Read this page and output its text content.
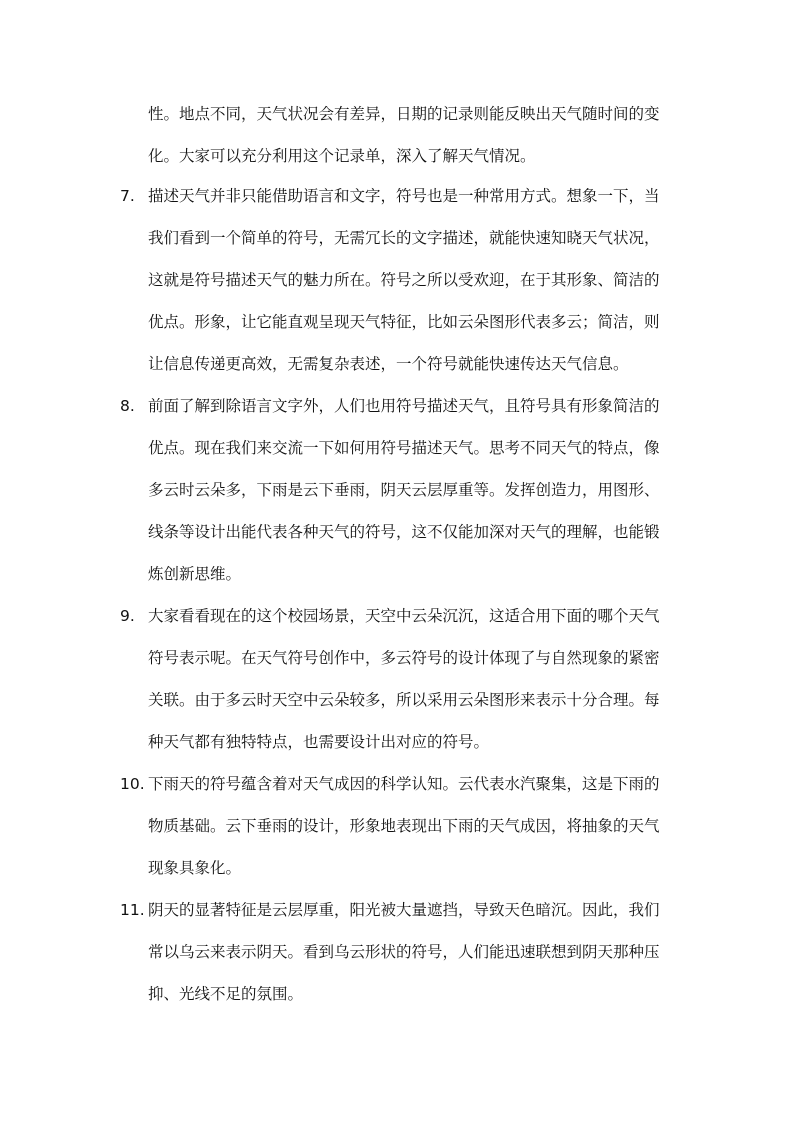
性。地点不同，天气状况会有差异，日期的记录则能反映出天气随时间的变
化。大家可以充分利用这个记录单，深入了解天气情况。
7. 描述天气并非只能借助语言和文字，符号也是一种常用方式。想象一下，当
我们看到一个简单的符号，无需冗长的文字描述，就能快速知晓天气状况，
这就是符号描述天气的魅力所在。符号之所以受欢迎，在于其形象、简洁的
优点。形象，让它能直观呈现天气特征，比如云朵图形代表多云；简洁，则
让信息传递更高效，无需复杂表述，一个符号就能快速传达天气信息。
8. 前面了解到除语言文字外，人们也用符号描述天气，且符号具有形象简洁的
优点。现在我们来交流一下如何用符号描述天气。思考不同天气的特点，像
多云时云朵多，下雨是云下垂雨，阴天云层厚重等。发挥创造力，用图形、
线条等设计出能代表各种天气的符号，这不仅能加深对天气的理解，也能锻
炼创新思维。
9. 大家看看现在的这个校园场景，天空中云朵沉沉，这适合用下面的哪个天气
符号表示呢。在天气符号创作中，多云符号的设计体现了与自然现象的紧密
关联。由于多云时天空中云朵较多，所以采用云朵图形来表示十分合理。每
种天气都有独特特点，也需要设计出对应的符号。
10. 下雨天的符号蕴含着对天气成因的科学认知。云代表水汽聚集，这是下雨的
物质基础。云下垂雨的设计，形象地表现出下雨的天气成因，将抽象的天气
现象具象化。
11. 阴天的显著特征是云层厚重，阳光被大量遮挡，导致天色暗沉。因此，我们
常以乌云来表示阴天。看到乌云形状的符号，人们能迅速联想到阴天那种压
抑、光线不足的氛围。
